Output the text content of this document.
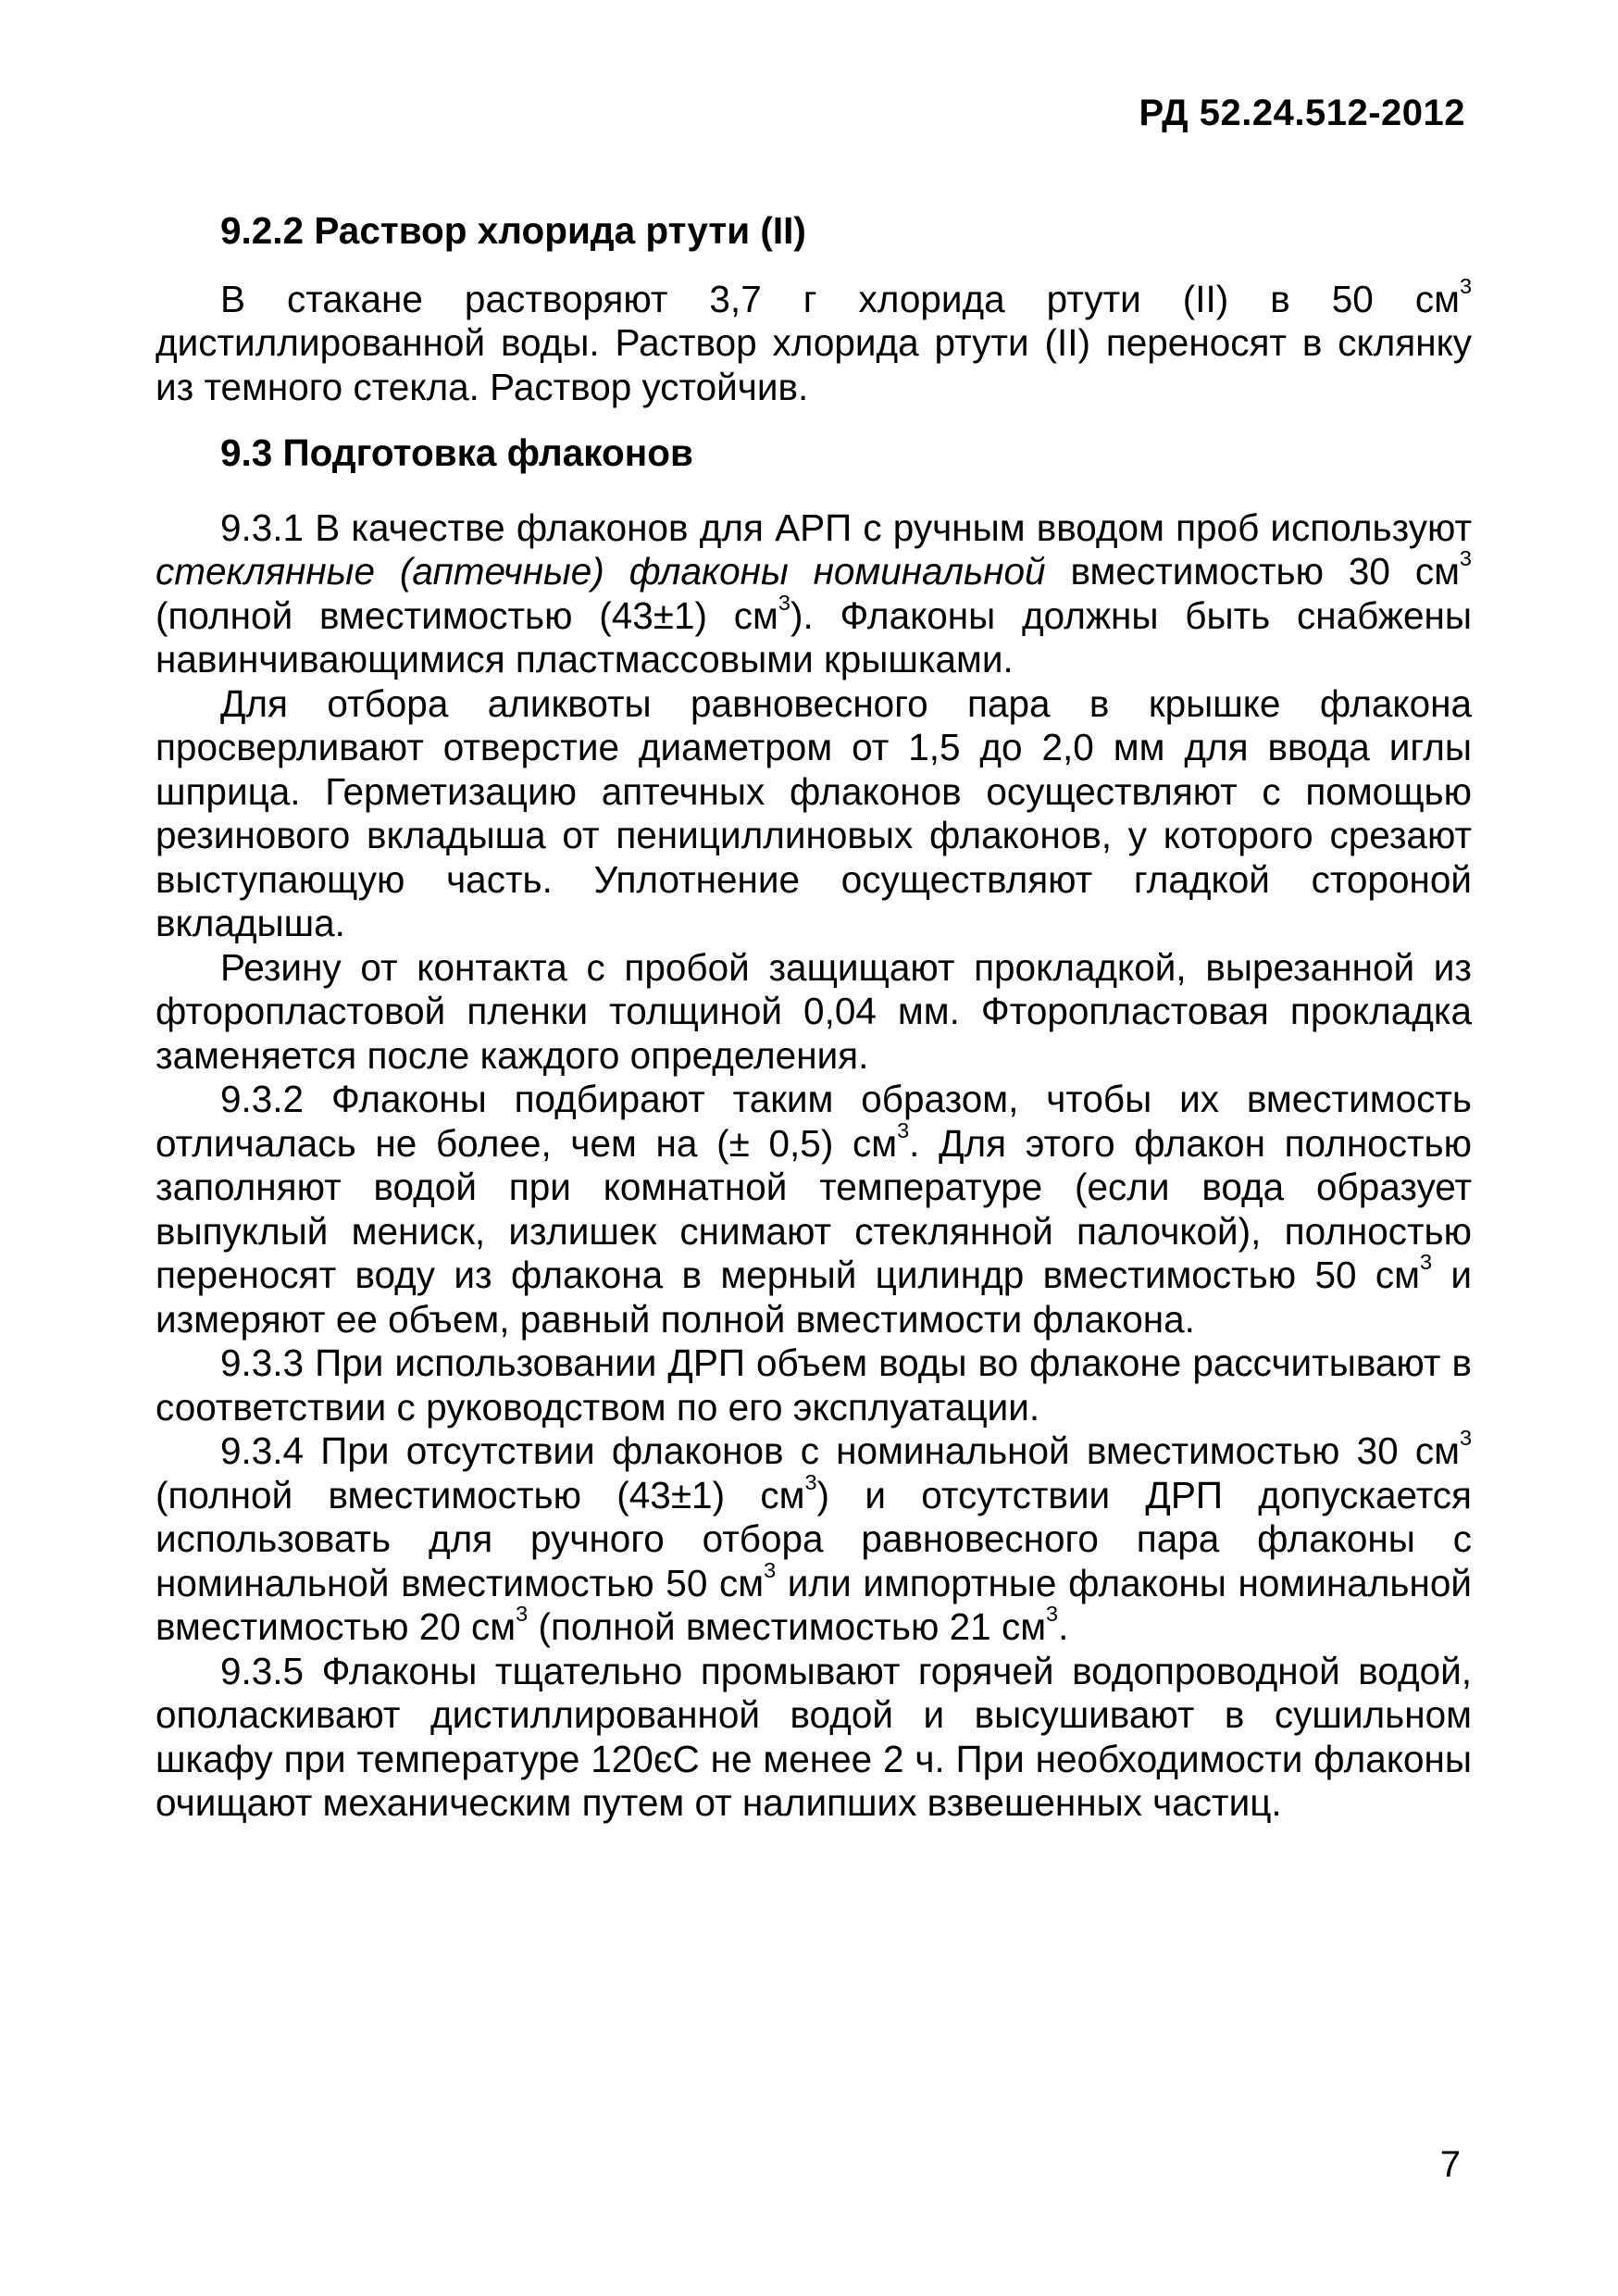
РД 52.24.512-2012
9.2.2 Раствор хлорида ртути (II)

В стакане растворяют 3,7 г хлорида ртути (II) в 50 $см^3$ дистиллированной воды. Раствор хлорида ртути (II) переносят в склянку из темного стекла. Раствор устойчив.

9.3 Подготовка флаконов

9.3.1 В качестве флаконов для АРП с ручным вводом проб используют стеклянные (аптечные) флаконы номинальной вместимостью 30 $см^3$ (полной вместимостью (43±1) $см^3$). Флаконы должны быть снабжены навинчивающимися пластмассовыми крышками.

Для отбора аликвоты равновесного пара в крышке флакона просверливают отверстие диаметром от 1,5 до 2,0 мм для ввода иглы шприца. Герметизацию аптечных флаконов осуществляют с помощью резинового вкладыша от пенициллиновых флаконов, у которого срезают выступающую часть. Уплотнение осуществляют гладкой стороной вкладыша.

Резину от контакта с пробой защищают прокладкой, вырезанной из фторопластовой пленки толщиной 0,04 мм. Фторопластовая прокладка заменяется после каждого определения.

9.3.2 Флаконы подбирают таким образом, чтобы их вместимость отличалась не более, чем на (± 0,5) $см^3$. Для этого флакон полностью заполняют водой при комнатной температуре (если вода образует выпуклый мениск, излишек снимают стеклянной палочкой), полностью переносят воду из флакона в мерный цилиндр вместимостью 50 $см^3$ и измеряют ее объем, равный полной вместимости флакона.

9.3.3 При использовании ДРП объем воды во флаконе рассчитывают в соответствии с руководством по его эксплуатации.

9.3.4 При отсутствии флаконов с номинальной вместимостью 30 $см^3$ (полной вместимостью (43±1) $см^3$) и отсутствии ДРП допускается использовать для ручного отбора равновесного пара флаконы с номинальной вместимостью 50 $см^3$ или импортные флаконы номинальной вместимостью 20 $см^3$ (полной вместимостью 21 $см^3$.

9.3.5 Флаконы тщательно промывают горячей водопроводной водой, ополаскивают дистиллированной водой и высушивают в сушильном шкафу при температуре 120єС не менее 2 ч. При необходимости флаконы очищают механическим путем от налипших взвешенных частиц.

7
